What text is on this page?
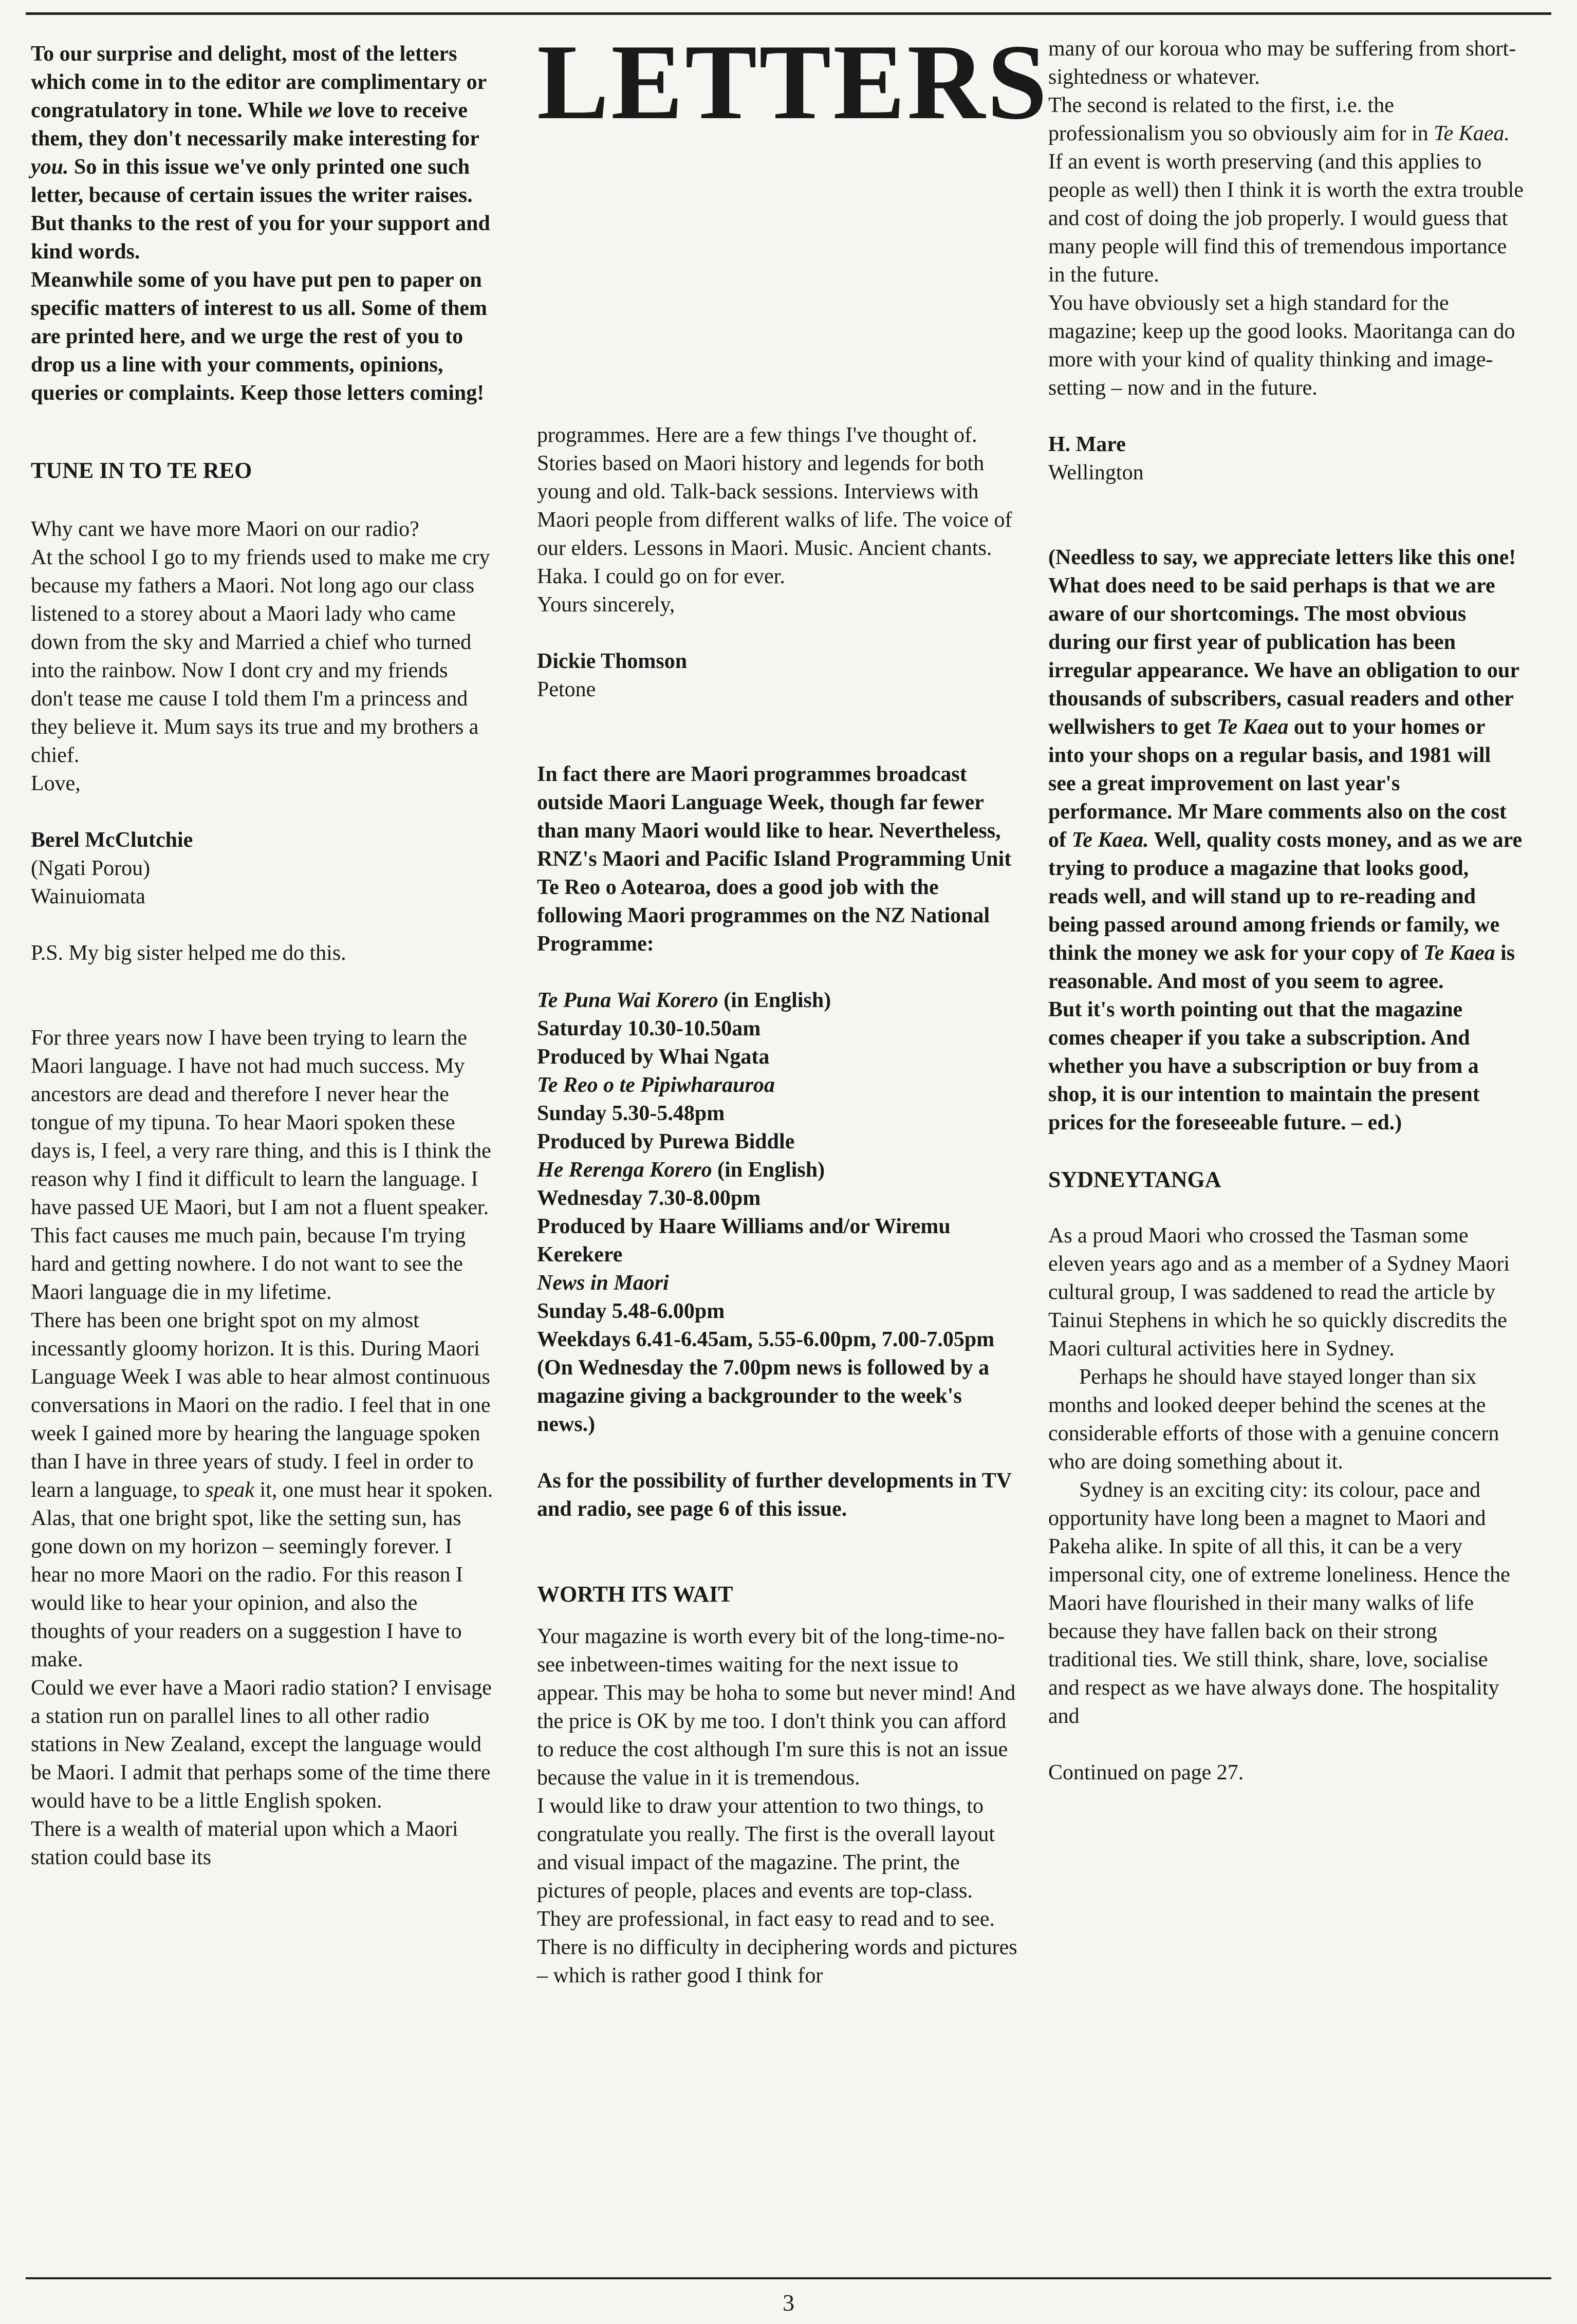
​

To our surprise and delight, most of the letters which come in to the editor are complimentary or congratulatory in tone. While we love to receive them, they don't necessarily make interesting for you. So in this issue we've only printed one such letter, because of certain issues the writer raises. But thanks to the rest of you for your support and kind words.

Meanwhile some of you have put pen to paper on specific matters of interest to us all. Some of them are printed here, and we urge the rest of you to drop us a line with your comments, opinions, queries or complaints. Keep those letters coming!

TUNE IN TO TE REO

Why cant we have more Maori on our radio?

At the school I go to my friends used to make me cry because my fathers a Maori. Not long ago our class listened to a storey about a Maori lady who came down from the sky and Married a chief who turned into the rainbow. Now I dont cry and my friends don't tease me cause I told them I'm a princess and they believe it. Mum says its true and my brothers a chief.

Love,

Berel McClutchie

(Ngati Porou)

Wainuiomata

P.S. My big sister helped me do this.

For three years now I have been trying to learn the Maori language. I have not had much success. My ancestors are dead and therefore I never hear the tongue of my tipuna. To hear Maori spoken these days is, I feel, a very rare thing, and this is I think the reason why I find it difficult to learn the language. I have passed UE Maori, but I am not a fluent speaker. This fact causes me much pain, because I'm trying hard and getting nowhere. I do not want to see the Maori language die in my lifetime.

There has been one bright spot on my almost incessantly gloomy horizon. It is this. During Maori Language Week I was able to hear almost continuous conversations in Maori on the radio. I feel that in one week I gained more by hearing the language spoken than I have in three years of study. I feel in order to learn a language, to speak it, one must hear it spoken.

Alas, that one bright spot, like the setting sun, has gone down on my horizon – seemingly forever. I hear no more Maori on the radio. For this reason I would like to hear your opinion, and also the thoughts of your readers on a suggestion I have to make.

Could we ever have a Maori radio station? I envisage a station run on parallel lines to all other radio stations in New Zealand, except the language would be Maori. I admit that perhaps some of the time there would have to be a little English spoken.

There is a wealth of material upon which a Maori station could base its

LETTERS

programmes. Here are a few things I've thought of. Stories based on Maori history and legends for both young and old. Talk-back sessions. Interviews with Maori people from different walks of life. The voice of our elders. Lessons in Maori. Music. Ancient chants. Haka. I could go on for ever.

Yours sincerely,

Dickie Thomson

Petone

In fact there are Maori programmes broadcast outside Maori Language Week, though far fewer than many Maori would like to hear. Nevertheless, RNZ's Maori and Pacific Island Programming Unit Te Reo o Aotearoa, does a good job with the following Maori programmes on the NZ National Programme:

Te Puna Wai Korero (in English)

Saturday 10.30-10.50am

Produced by Whai Ngata

Te Reo o te Pipiwharauroa

Sunday 5.30-5.48pm

Produced by Purewa Biddle

He Rerenga Korero (in English)

Wednesday 7.30-8.00pm

Produced by Haare Williams and/or Wiremu Kerekere

News in Maori

Sunday 5.48-6.00pm

Weekdays 6.41-6.45am, 5.55-6.00pm, 7.00-7.05pm

(On Wednesday the 7.00pm news is followed by a magazine giving a backgrounder to the week's news.)

As for the possibility of further developments in TV and radio, see page 6 of this issue.

WORTH ITS WAIT

Your magazine is worth every bit of the long-time-no-see inbetween-times waiting for the next issue to appear. This may be hoha to some but never mind! And the price is OK by me too. I don't think you can afford to reduce the cost although I'm sure this is not an issue because the value in it is tremendous.

I would like to draw your attention to two things, to congratulate you really. The first is the overall layout and visual impact of the magazine. The print, the pictures of people, places and events are top-class. They are professional, in fact easy to read and to see. There is no difficulty in deciphering words and pictures – which is rather good I think for

many of our koroua who may be suffering from short-sightedness or whatever.

The second is related to the first, i.e. the professionalism you so obviously aim for in Te Kaea. If an event is worth preserving (and this applies to people as well) then I think it is worth the extra trouble and cost of doing the job properly. I would guess that many people will find this of tremendous importance in the future.

You have obviously set a high standard for the magazine; keep up the good looks. Maoritanga can do more with your kind of quality thinking and image-setting – now and in the future.

H. Mare

Wellington

(Needless to say, we appreciate letters like this one! What does need to be said perhaps is that we are aware of our shortcomings. The most obvious during our first year of publication has been irregular appearance. We have an obligation to our thousands of subscribers, casual readers and other wellwishers to get Te Kaea out to your homes or into your shops on a regular basis, and 1981 will see a great improvement on last year's performance. Mr Mare comments also on the cost of Te Kaea. Well, quality costs money, and as we are trying to produce a magazine that looks good, reads well, and will stand up to re-reading and being passed around among friends or family, we think the money we ask for your copy of Te Kaea is reasonable. And most of you seem to agree.

But it's worth pointing out that the magazine comes cheaper if you take a subscription. And whether you have a subscription or buy from a shop, it is our intention to maintain the present prices for the foreseeable future. – ed.)

SYDNEYTANGA

As a proud Maori who crossed the Tasman some eleven years ago and as a member of a Sydney Maori cultural group, I was saddened to read the article by Tainui Stephens in which he so quickly discredits the Maori cultural activities here in Sydney.

Perhaps he should have stayed longer than six months and looked deeper behind the scenes at the considerable efforts of those with a genuine concern who are doing something about it.

Sydney is an exciting city: its colour, pace and opportunity have long been a magnet to Maori and Pakeha alike. In spite of all this, it can be a very impersonal city, one of extreme loneliness. Hence the Maori have flourished in their many walks of life because they have fallen back on their strong traditional ties. We still think, share, love, socialise and respect as we have always done. The hospitality and

Continued on page 27.

3
